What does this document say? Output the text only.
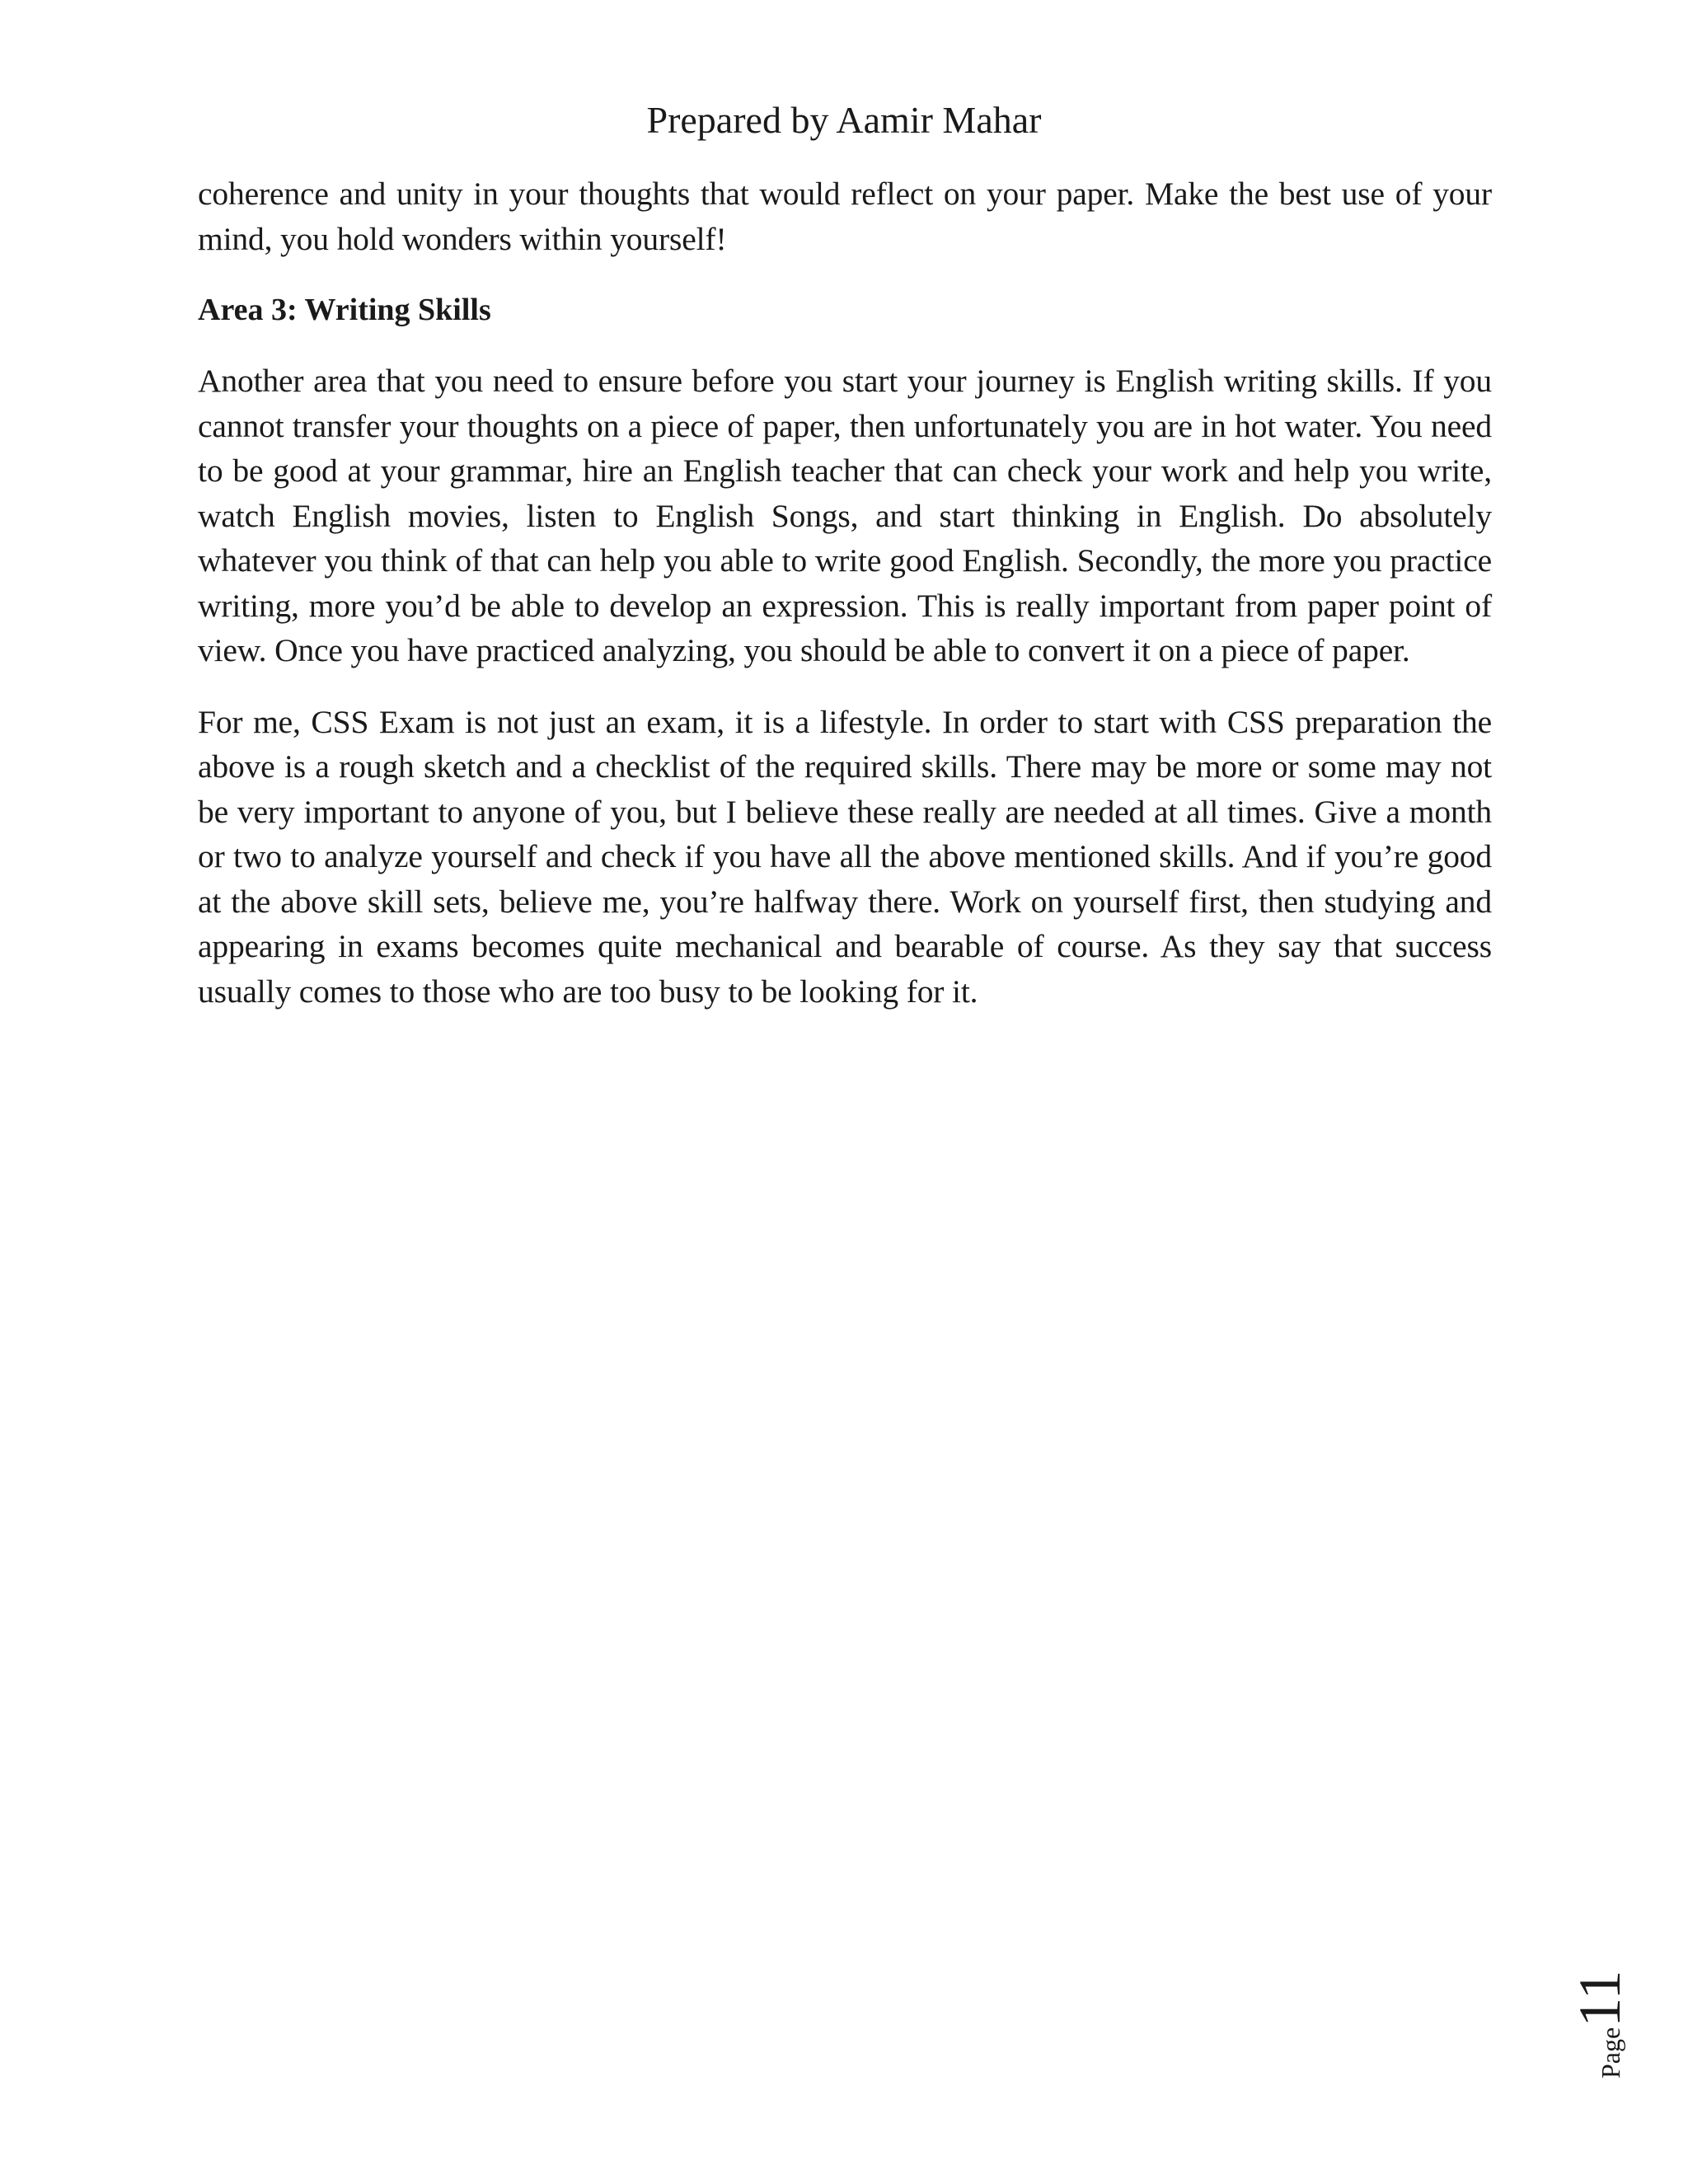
Prepared by Aamir Mahar

coherence and unity in your thoughts that would reflect on your paper. Make the best use of your mind, you hold wonders within yourself!

Area 3: Writing Skills

Another area that you need to ensure before you start your journey is English writing skills. If you cannot transfer your thoughts on a piece of paper, then unfortunately you are in hot water. You need to be good at your grammar, hire an English teacher that can check your work and help you write, watch English movies, listen to English Songs, and start thinking in English. Do absolutely whatever you think of that can help you able to write good English. Secondly, the more you practice writing, more you’d be able to develop an expression. This is really important from paper point of view. Once you have practiced analyzing, you should be able to convert it on a piece of paper.

For me, CSS Exam is not just an exam, it is a lifestyle. In order to start with CSS preparation the above is a rough sketch and a checklist of the required skills. There may be more or some may not be very important to anyone of you, but I believe these really are needed at all times. Give a month or two to analyze yourself and check if you have all the above mentioned skills. And if you’re good at the above skill sets, believe me, you’re halfway there. Work on yourself first, then studying and appearing in exams becomes quite mechanical and bearable of course. As they say that success usually comes to those who are too busy to be looking for it.

Page11
